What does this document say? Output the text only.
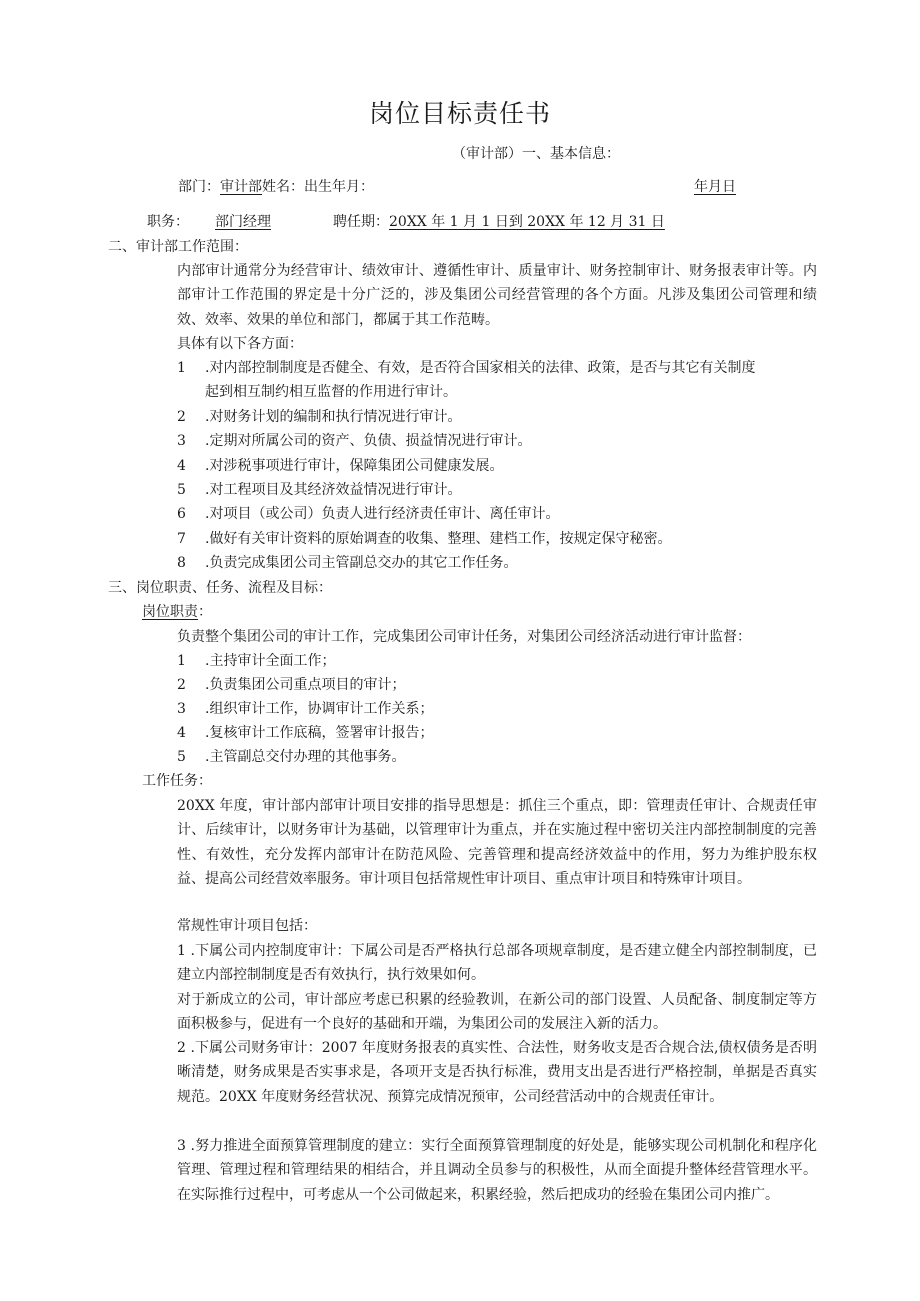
岗位目标责任书
（审计部）一、基本信息：
部门：审计部姓名：出生年月：	年月日
职务： 部门经理	聘任期：20XX 年 1 月 1 日到 20XX 年 12 月 31 日
二、审计部工作范围：
内部审计通常分为经营审计、绩效审计、遵循性审计、质量审计、财务控制审计、财务报表审计等。内部审计工作范围的界定是十分广泛的，涉及集团公司经营管理的各个方面。凡涉及集团公司管理和绩效、效率、效果的单位和部门，都属于其工作范畴。
具体有以下各方面：
1 .对内部控制制度是否健全、有效，是否符合国家相关的法律、政策，是否与其它有关制度
起到相互制约相互监督的作用进行审计。
2 .对财务计划的编制和执行情况进行审计。
3 .定期对所属公司的资产、负债、损益情况进行审计。
4 .对涉税事项进行审计，保障集团公司健康发展。
5 .对工程项目及其经济效益情况进行审计。
6 .对项目（或公司）负责人进行经济责任审计、离任审计。
7 .做好有关审计资料的原始调查的收集、整理、建档工作，按规定保守秘密。
8 .负责完成集团公司主管副总交办的其它工作任务。
三、岗位职责、任务、流程及目标：
岗位职责：
负责整个集团公司的审计工作，完成集团公司审计任务，对集团公司经济活动进行审计监督：
1 .主持审计全面工作；
2 .负责集团公司重点项目的审计；
3 .组织审计工作，协调审计工作关系；
4 .复核审计工作底稿，签署审计报告；
5 .主管副总交付办理的其他事务。
工作任务：
20XX 年度，审计部内部审计项目安排的指导思想是：抓住三个重点，即：管理责任审计、合规责任审计、后续审计，以财务审计为基础，以管理审计为重点，并在实施过程中密切关注内部控制制度的完善性、有效性，充分发挥内部审计在防范风险、完善管理和提高经济效益中的作用，努力为维护股东权益、提高公司经营效率服务。审计项目包括常规性审计项目、重点审计项目和特殊审计项目。
常规性审计项目包括：
1 .下属公司内控制度审计：下属公司是否严格执行总部各项规章制度，是否建立健全内部控制制度，已建立内部控制制度是否有效执行，执行效果如何。
对于新成立的公司，审计部应考虑已积累的经验教训，在新公司的部门设置、人员配备、制度制定等方面积极参与，促进有一个良好的基础和开端，为集团公司的发展注入新的活力。
2 .下属公司财务审计：2007 年度财务报表的真实性、合法性，财务收支是否合规合法,债权债务是否明晰清楚，财务成果是否实事求是，各项开支是否执行标准，费用支出是否进行严格控制，单据是否真实规范。20XX 年度财务经营状况、预算完成情况预审，公司经营活动中的合规责任审计。
3 .努力推进全面预算管理制度的建立：实行全面预算管理制度的好处是，能够实现公司机制化和程序化管理、管理过程和管理结果的相结合，并且调动全员参与的积极性，从而全面提升整体经营管理水平。在实际推行过程中，可考虑从一个公司做起来，积累经验，然后把成功的经验在集团公司内推广。
